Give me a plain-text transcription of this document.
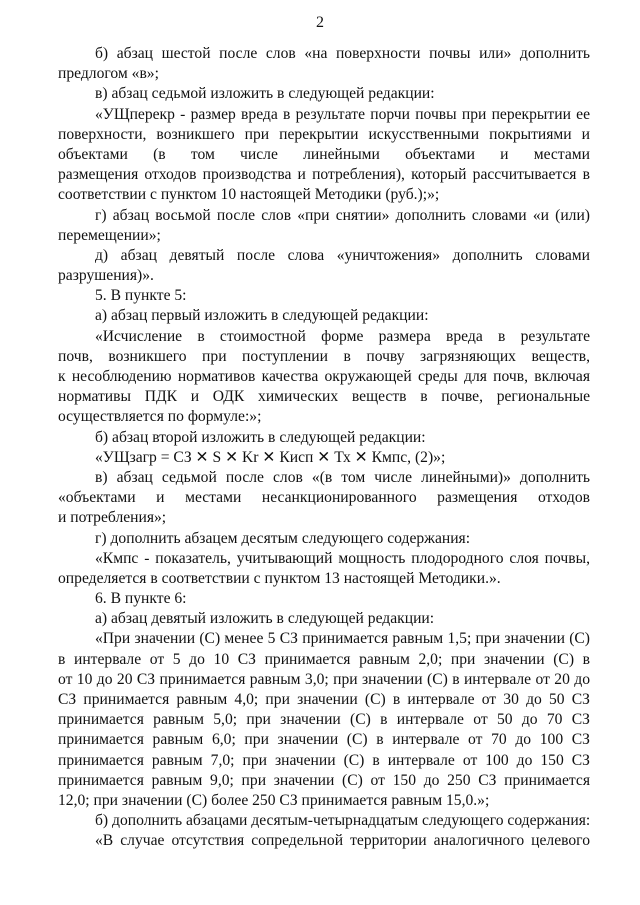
2
б) абзац шестой после слов «на поверхности почвы или» дополнить
предлогом «в»;
в) абзац седьмой изложить в следующей редакции:
«УЩперекр - размер вреда в результате порчи почвы при перекрытии ее
поверхности, возникшего при перекрытии искусственными покрытиями и
объектами (в том числе линейными объектами и местами
размещения отходов производства и потребления), который рассчитывается в
соответствии с пунктом 10 настоящей Методики (руб.);»;
г) абзац восьмой после слов «при снятии» дополнить словами «и (или)
перемещении»;
д) абзац девятый после слова «уничтожения» дополнить словами
разрушения)».
5. В пункте 5:
а) абзац первый изложить в следующей редакции:
«Исчисление в стоимостной форме размера вреда в результате
почв, возникшего при поступлении в почву загрязняющих веществ,
к несоблюдению нормативов качества окружающей среды для почв, включая
нормативы ПДК и ОДК химических веществ в почве, региональные
осуществляется по формуле:»;
б) абзац второй изложить в следующей редакции:
«УЩзагр = СЗ ✕ S ✕ Kr ✕ Кисп ✕ Тх ✕ Кмпс, (2)»;
в) абзац седьмой после слов «(в том числе линейными)» дополнить
«объектами и местами несанкционированного размещения отходов
и потребления»;
г) дополнить абзацем десятым следующего содержания:
«Кмпс - показатель, учитывающий мощность плодородного слоя почвы,
определяется в соответствии с пунктом 13 настоящей Методики.».
6. В пункте 6:
а) абзац девятый изложить в следующей редакции:
«При значении (С) менее 5 СЗ принимается равным 1,5; при значении (С)
в интервале от 5 до 10 СЗ принимается равным 2,0; при значении (С) в
от 10 до 20 СЗ принимается равным 3,0; при значении (С) в интервале от 20 до
СЗ принимается равным 4,0; при значении (С) в интервале от 30 до 50 СЗ
принимается равным 5,0; при значении (С) в интервале от 50 до 70 СЗ
принимается равным 6,0; при значении (С) в интервале от 70 до 100 СЗ
принимается равным 7,0; при значении (С) в интервале от 100 до 150 СЗ
принимается равным 9,0; при значении (С) от 150 до 250 СЗ принимается
12,0; при значении (С) более 250 СЗ принимается равным 15,0.»;
б) дополнить абзацами десятым-четырнадцатым следующего содержания:
«В случае отсутствия сопредельной территории аналогичного целевого
